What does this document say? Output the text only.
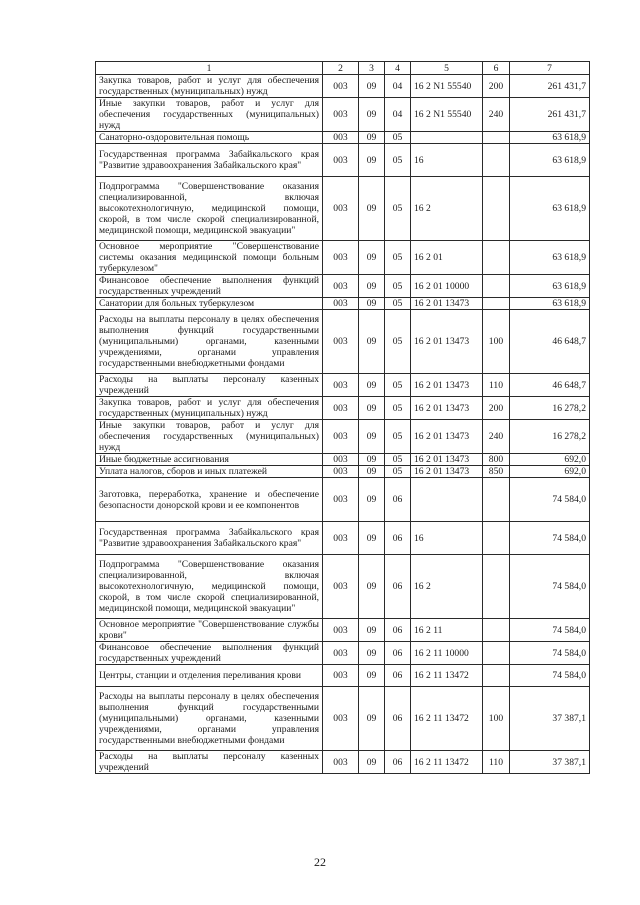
1	2	3	4	5	6	7
Закупка товаров, работ и услуг для обеспечения государственных (муниципальных) нужд	003	09	04	16 2 N1 55540	200	261 431,7
Иные закупки товаров, работ и услуг для обеспечения государственных (муниципальных) нужд	003	09	04	16 2 N1 55540	240	261 431,7
Санаторно-оздоровительная помощь	003	09	05			63 618,9
Государственная программа Забайкальского края "Развитие здравоохранения Забайкальского края"	003	09	05	16		63 618,9
Подпрограмма "Совершенствование оказания специализированной, включая высокотехнологичную, медицинской помощи, скорой, в том числе скорой специализированной, медицинской помощи, медицинской эвакуации"	003	09	05	16 2		63 618,9
Основное мероприятие "Совершенствование системы оказания медицинской помощи больным туберкулезом"	003	09	05	16 2 01		63 618,9
Финансовое обеспечение выполнения функций государственных учреждений	003	09	05	16 2 01 10000		63 618,9
Санатории для больных туберкулезом	003	09	05	16 2 01 13473		63 618,9
Расходы на выплаты персоналу в целях обеспечения выполнения функций государственными (муниципальными) органами, казенными учреждениями, органами управления государственными внебюджетными фондами	003	09	05	16 2 01 13473	100	46 648,7
Расходы на выплаты персоналу казенных учреждений	003	09	05	16 2 01 13473	110	46 648,7
Закупка товаров, работ и услуг для обеспечения государственных (муниципальных) нужд	003	09	05	16 2 01 13473	200	16 278,2
Иные закупки товаров, работ и услуг для обеспечения государственных (муниципальных) нужд	003	09	05	16 2 01 13473	240	16 278,2
Иные бюджетные ассигнования	003	09	05	16 2 01 13473	800	692,0
Уплата налогов, сборов и иных платежей	003	09	05	16 2 01 13473	850	692,0
Заготовка, переработка, хранение и обеспечение безопасности донорской крови и ее компонентов	003	09	06			74 584,0
Государственная программа Забайкальского края "Развитие здравоохранения Забайкальского края"	003	09	06	16		74 584,0
Подпрограмма "Совершенствование оказания специализированной, включая высокотехнологичную, медицинской помощи, скорой, в том числе скорой специализированной, медицинской помощи, медицинской эвакуации"	003	09	06	16 2		74 584,0
Основное мероприятие "Совершенствование службы крови"	003	09	06	16 2 11		74 584,0
Финансовое обеспечение выполнения функций государственных учреждений	003	09	06	16 2 11 10000		74 584,0
Центры, станции и отделения переливания крови	003	09	06	16 2 11 13472		74 584,0
Расходы на выплаты персоналу в целях обеспечения выполнения функций государственными (муниципальными) органами, казенными учреждениями, органами управления государственными внебюджетными фондами	003	09	06	16 2 11 13472	100	37 387,1
Расходы на выплаты персоналу казенных учреждений	003	09	06	16 2 11 13472	110	37 387,1
22
